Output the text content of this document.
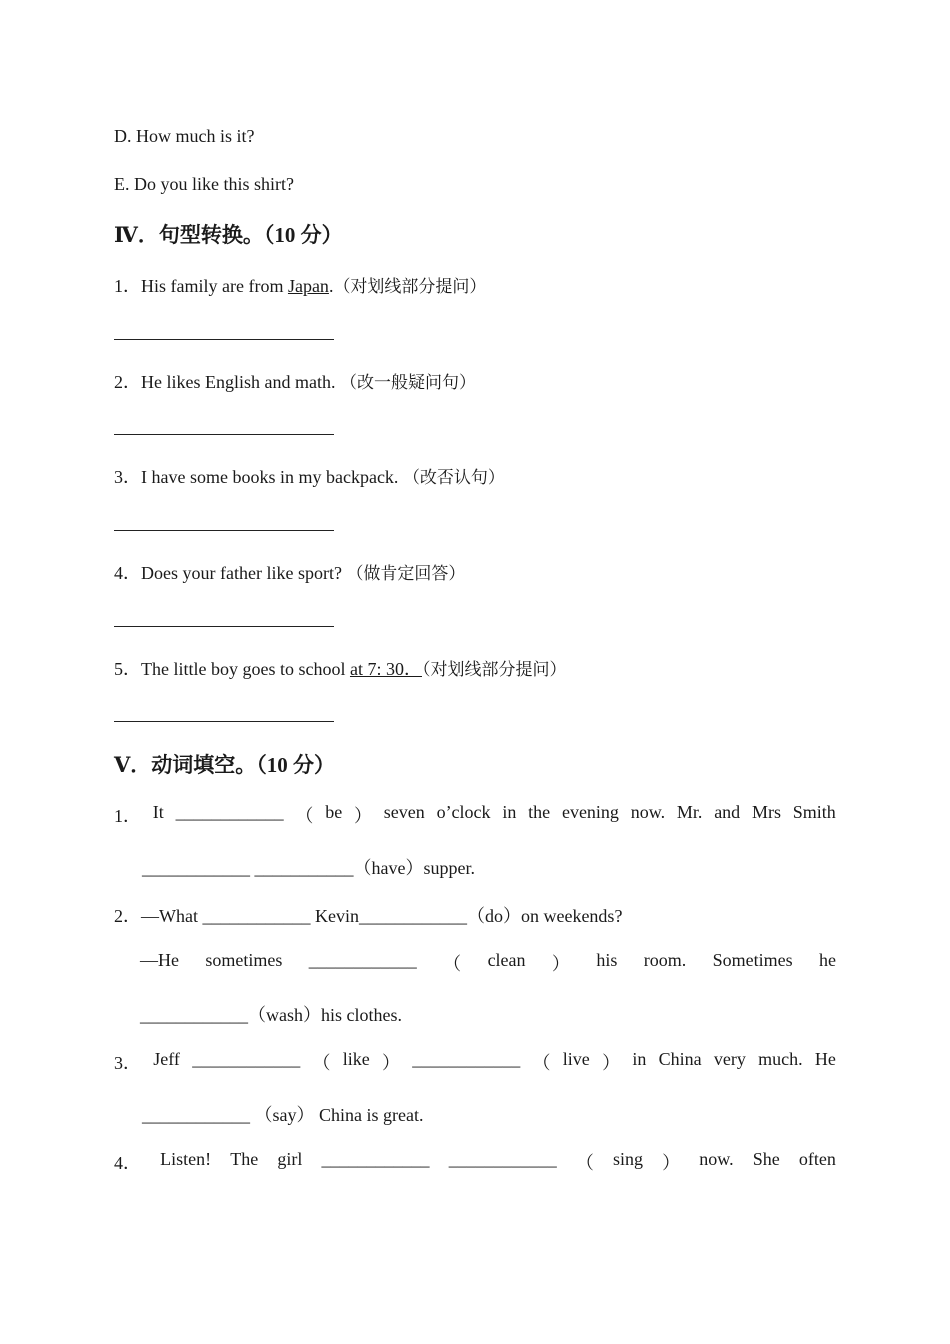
D. How much is it?
E. Do you like this shirt?
Ⅳ．句型转换。（10 分）
1．His family are from Japan.（对划线部分提问）
2．He likes English and math. （改一般疑问句）
3．I have some books in my backpack. （改否认句）
4．Does your father like sport? （做肯定回答）
5．The little boy goes to school at 7: 30．（对划线部分提问）
Ⅴ．动词填空。（10 分）
1． It ____________ （ be ） seven o’clock in the evening now. Mr. and Mrs Smith
____________ ___________（have）supper.
2．—What ____________ Kevin____________（do）on weekends?
—He sometimes ____________ （ clean ） his room. Sometimes he
____________（wash）his clothes.
3． Jeff ____________ （ like ） ____________ （ live ） in China very much. He
____________ （say） China is great.
4． Listen! The girl ____________ ____________ （ sing ） now. She often
